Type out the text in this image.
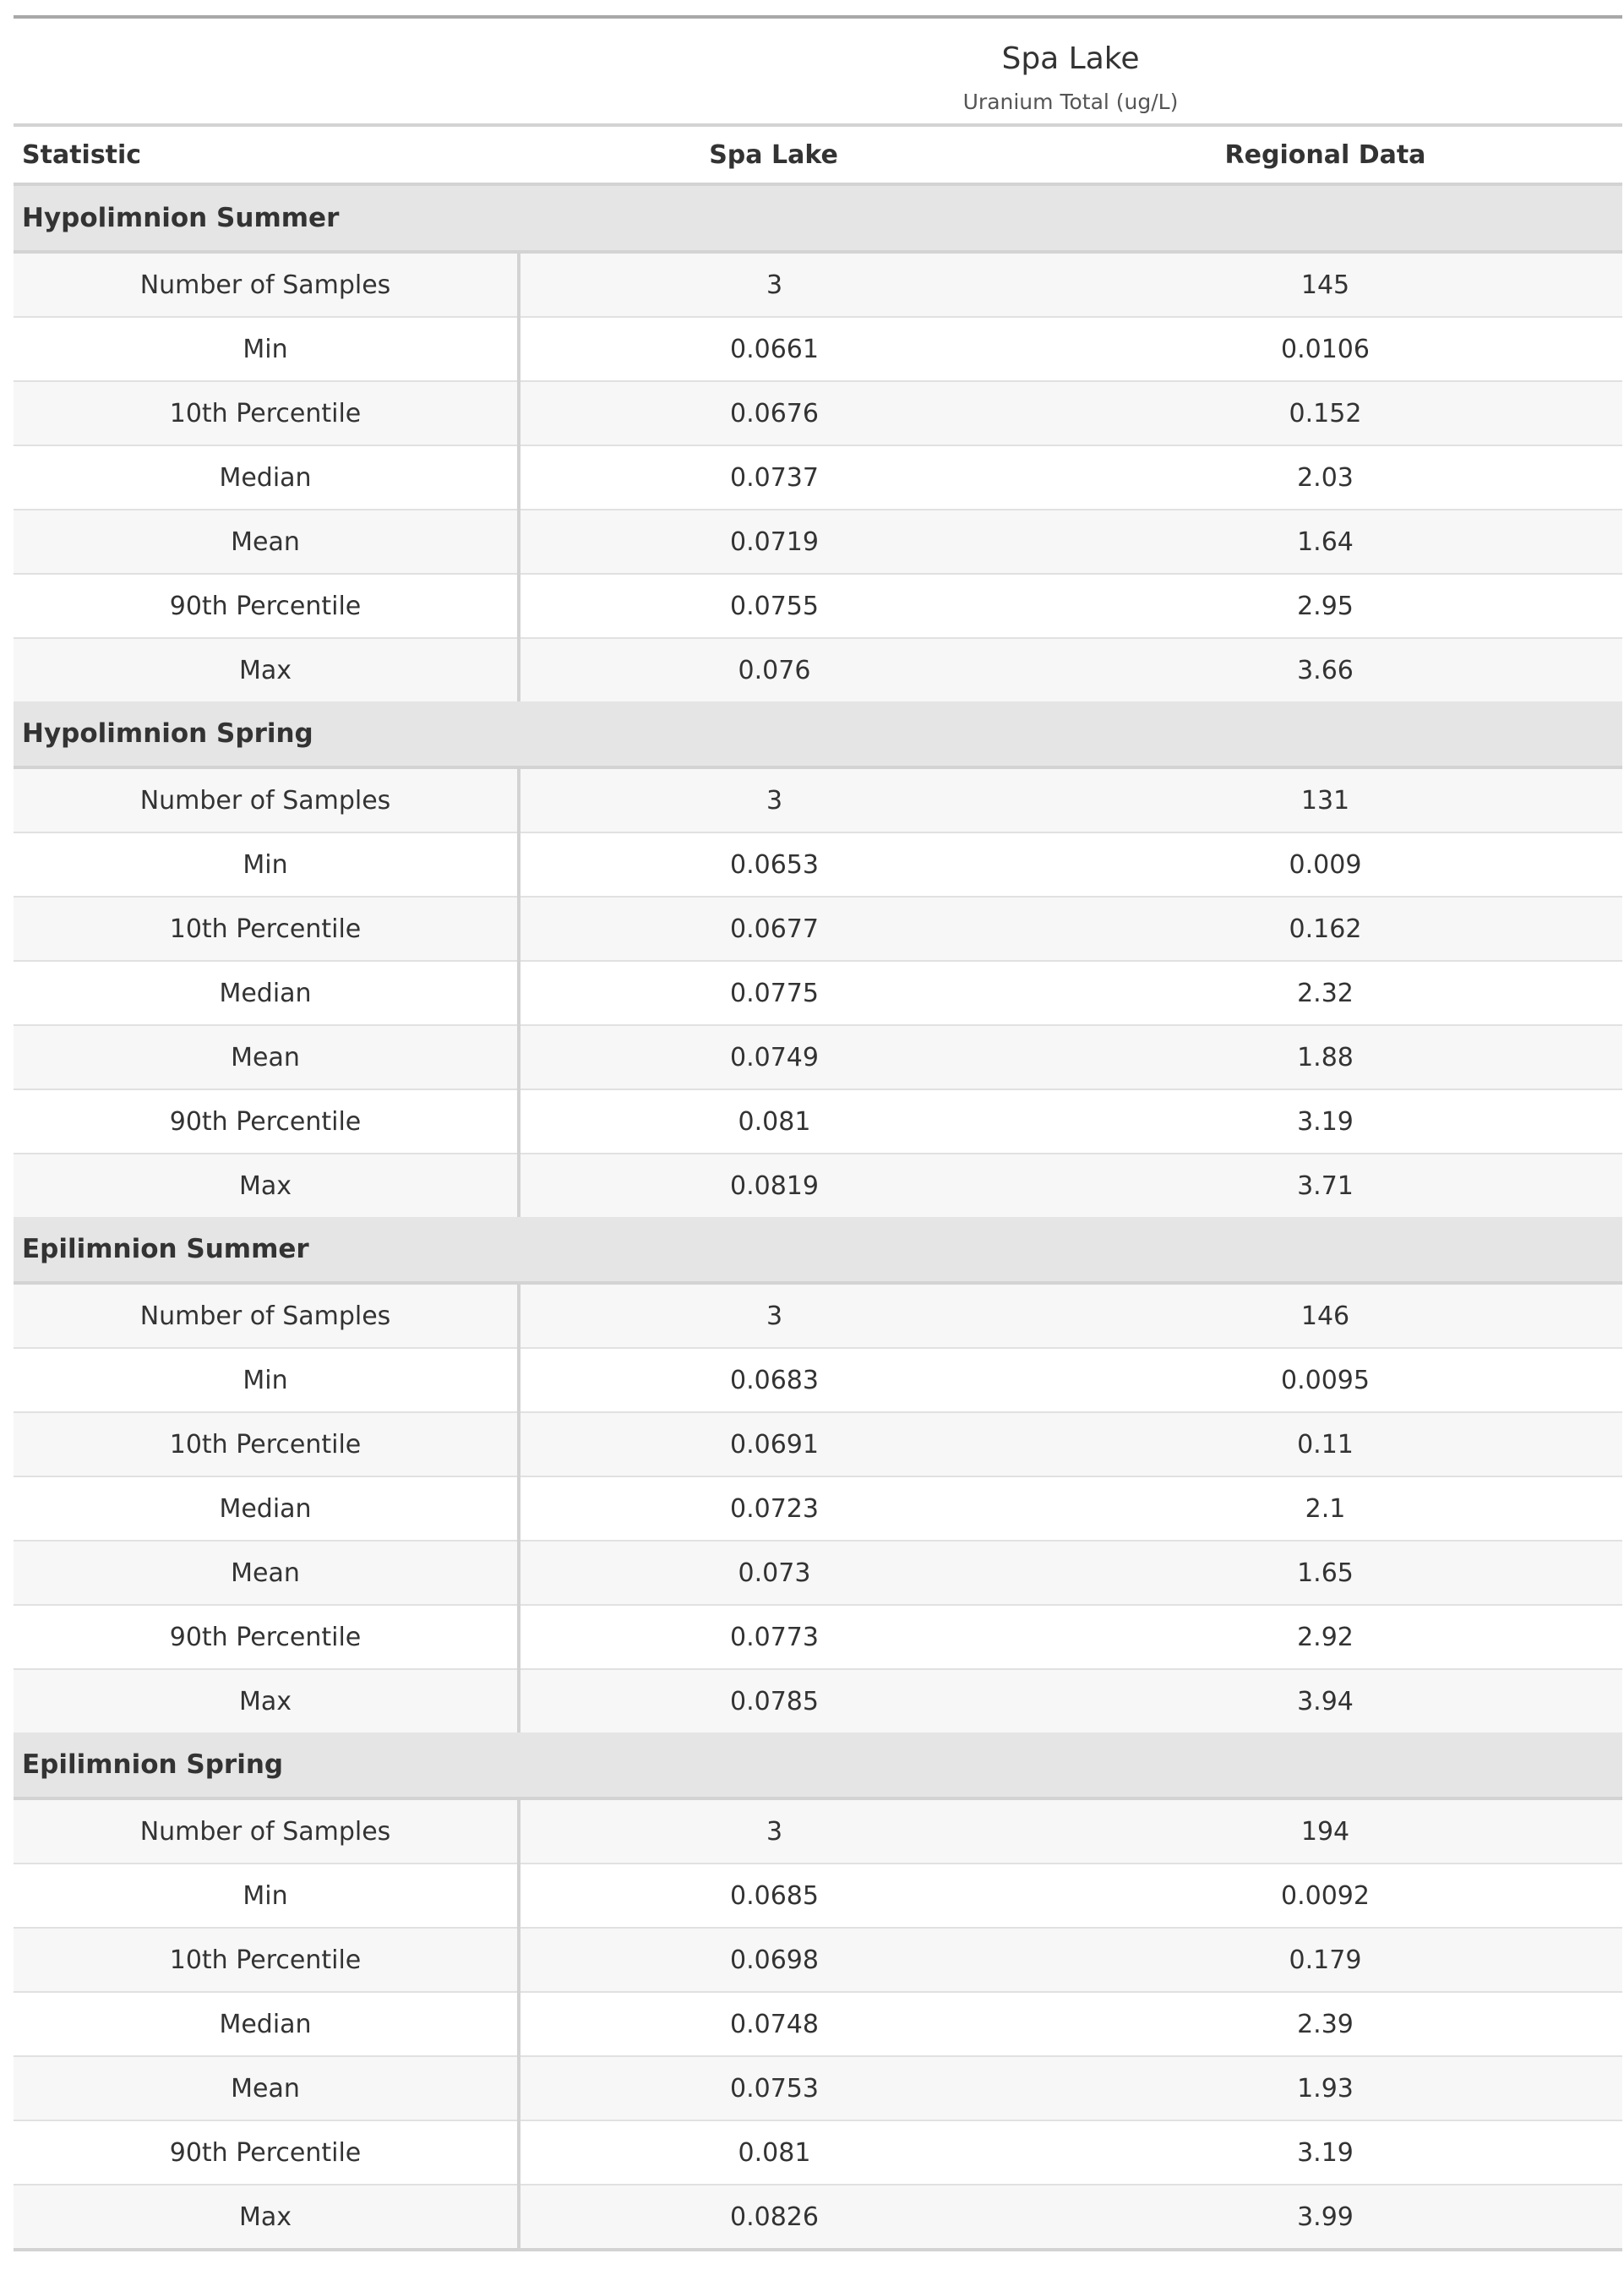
	Spa Lake
Uranium Total (ug/L)	

Statistic	Spa Lake	Regional Data
Hypolimnion Summer		
Number of Samples	3	145
Min	0.0661	0.0106
10th Percentile	0.0676	0.152
Median	0.0737	2.03
Mean	0.0719	1.64
90th Percentile	0.0755	2.95
Max	0.076	3.66
Hypolimnion Spring		
Number of Samples	3	131
Min	0.0653	0.009
10th Percentile	0.0677	0.162
Median	0.0775	2.32
Mean	0.0749	1.88
90th Percentile	0.081	3.19
Max	0.0819	3.71
Epilimnion Summer		
Number of Samples	3	146
Min	0.0683	0.0095
10th Percentile	0.0691	0.11
Median	0.0723	2.1
Mean	0.073	1.65
90th Percentile	0.0773	2.92
Max	0.0785	3.94
Epilimnion Spring		
Number of Samples	3	194
Min	0.0685	0.0092
10th Percentile	0.0698	0.179
Median	0.0748	2.39
Mean	0.0753	1.93
90th Percentile	0.081	3.19
Max	0.0826	3.99
